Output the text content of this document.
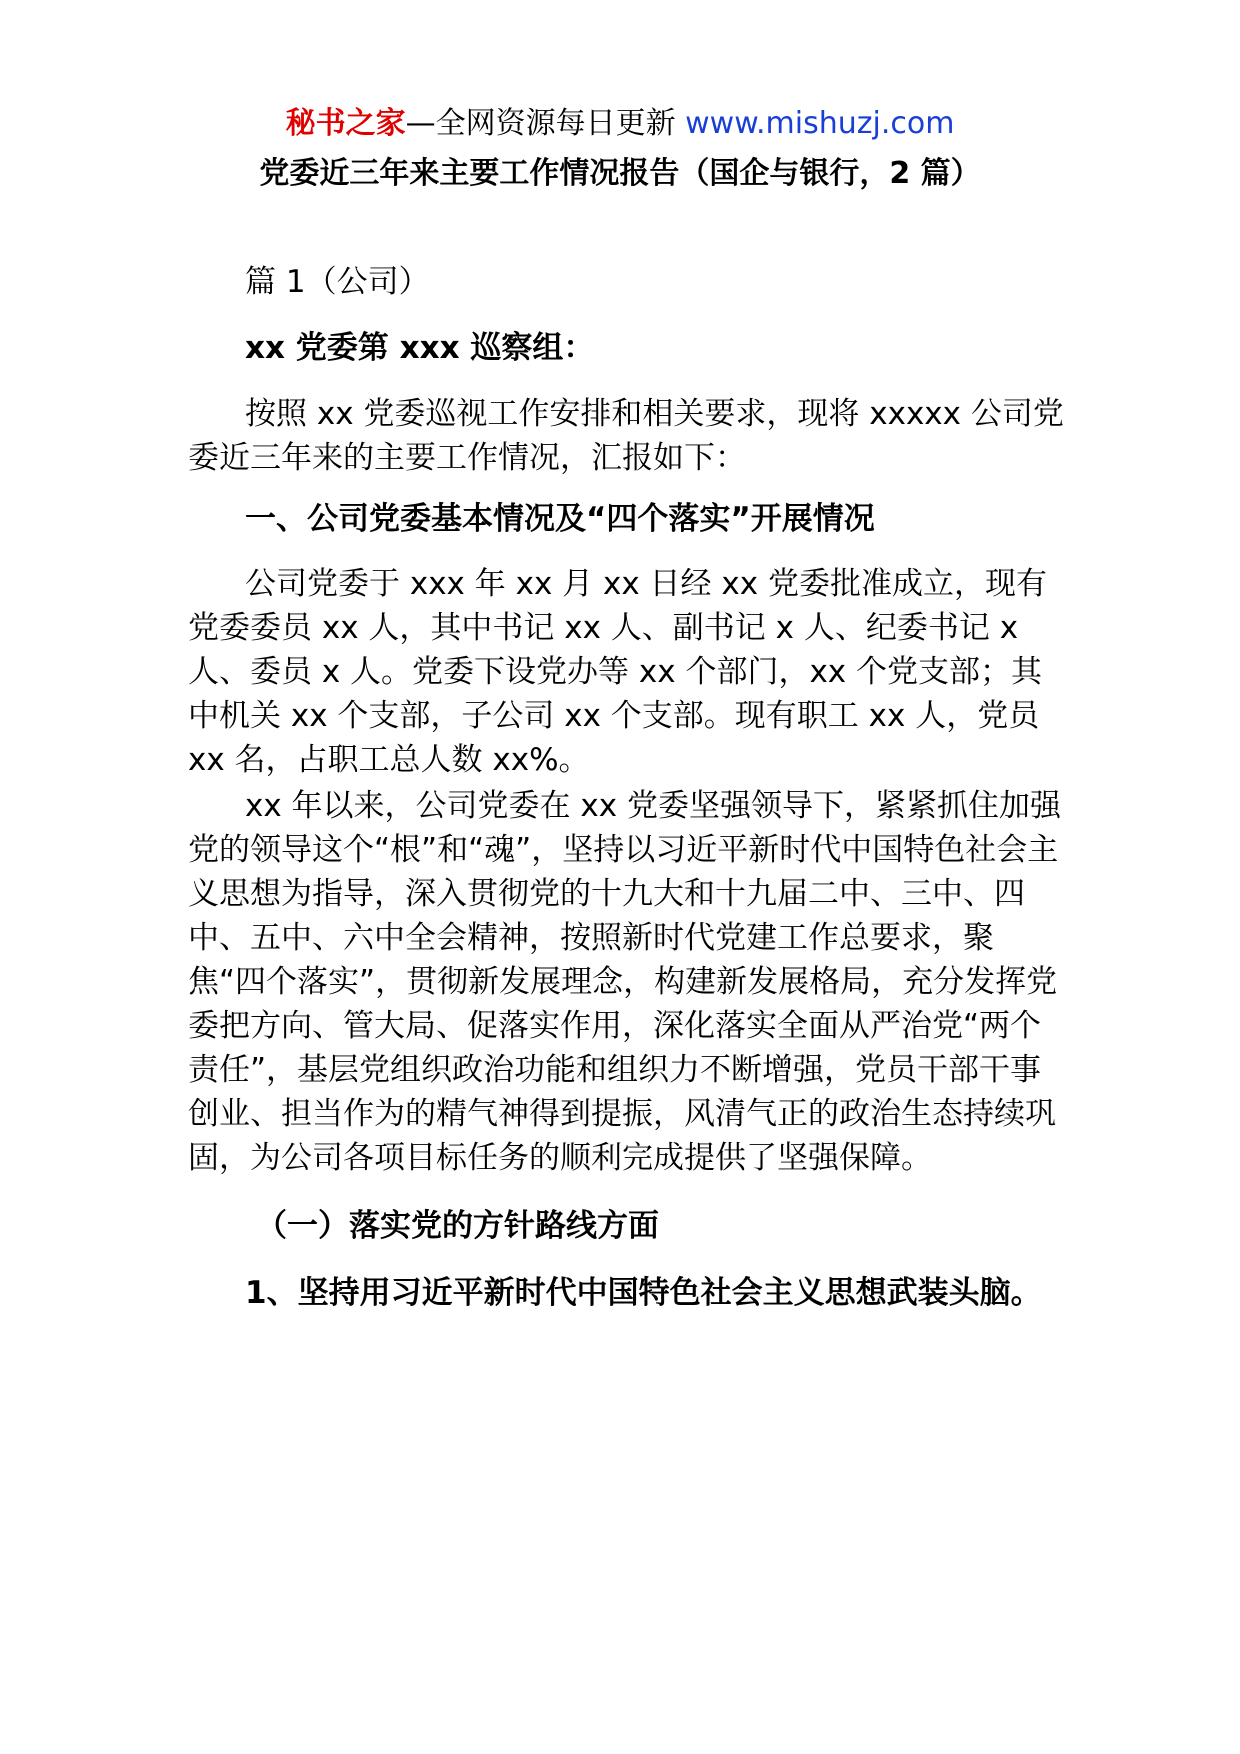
秘书之家—全网资源每日更新 www.mishuzj.com
党委近三年来主要工作情况报告（国企与银行，2 篇）

篇 1（公司）

xx 党委第 xxx 巡察组：

按照 xx 党委巡视工作安排和相关要求，现将 xxxxx 公司党委近三年来的主要工作情况，汇报如下：

一、公司党委基本情况及“四个落实”开展情况

公司党委于 xxx 年 xx 月 xx 日经 xx 党委批准成立，现有党委委员 xx 人，其中书记 xx 人、副书记 x 人、纪委书记 x 人、委员 x 人。党委下设党办等 xx 个部门，xx 个党支部；其中机关 xx 个支部，子公司 xx 个支部。现有职工 xx 人，党员 xx 名，占职工总人数 xx%。

xx 年以来，公司党委在 xx 党委坚强领导下，紧紧抓住加强党的领导这个“根”和“魂”，坚持以习近平新时代中国特色社会主义思想为指导，深入贯彻党的十九大和十九届二中、三中、四中、五中、六中全会精神，按照新时代党建工作总要求，聚焦“四个落实”，贯彻新发展理念，构建新发展格局，充分发挥党委把方向、管大局、促落实作用，深化落实全面从严治党“两个责任”，基层党组织政治功能和组织力不断增强，党员干部干事创业、担当作为的精气神得到提振，风清气正的政治生态持续巩固，为公司各项目标任务的顺利完成提供了坚强保障。

（一）落实党的方针路线方面

1、坚持用习近平新时代中国特色社会主义思想武装头脑。
